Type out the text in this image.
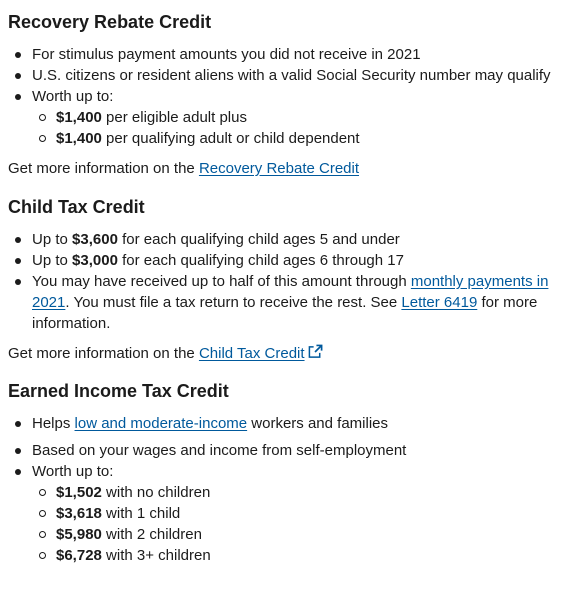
Recovery Rebate Credit
For stimulus payment amounts you did not receive in 2021
U.S. citizens or resident aliens with a valid Social Security number may qualify
Worth up to:
$1,400 per eligible adult plus
$1,400 per qualifying adult or child dependent

Get more information on the Recovery Rebate Credit

Child Tax Credit
Up to $3,600 for each qualifying child ages 5 and under
Up to $3,000 for each qualifying child ages 6 through 17
You may have received up to half of this amount through monthly payments in 2021. You must file a tax return to receive the rest. See Letter 6419 for more information.

Get more information on the Child Tax Credit

Earned Income Tax Credit
Helps low and moderate-income workers and families
Based on your wages and income from self-employment
Worth up to:
$1,502 with no children
$3,618 with 1 child
$5,980 with 2 children
$6,728 with 3+ children
